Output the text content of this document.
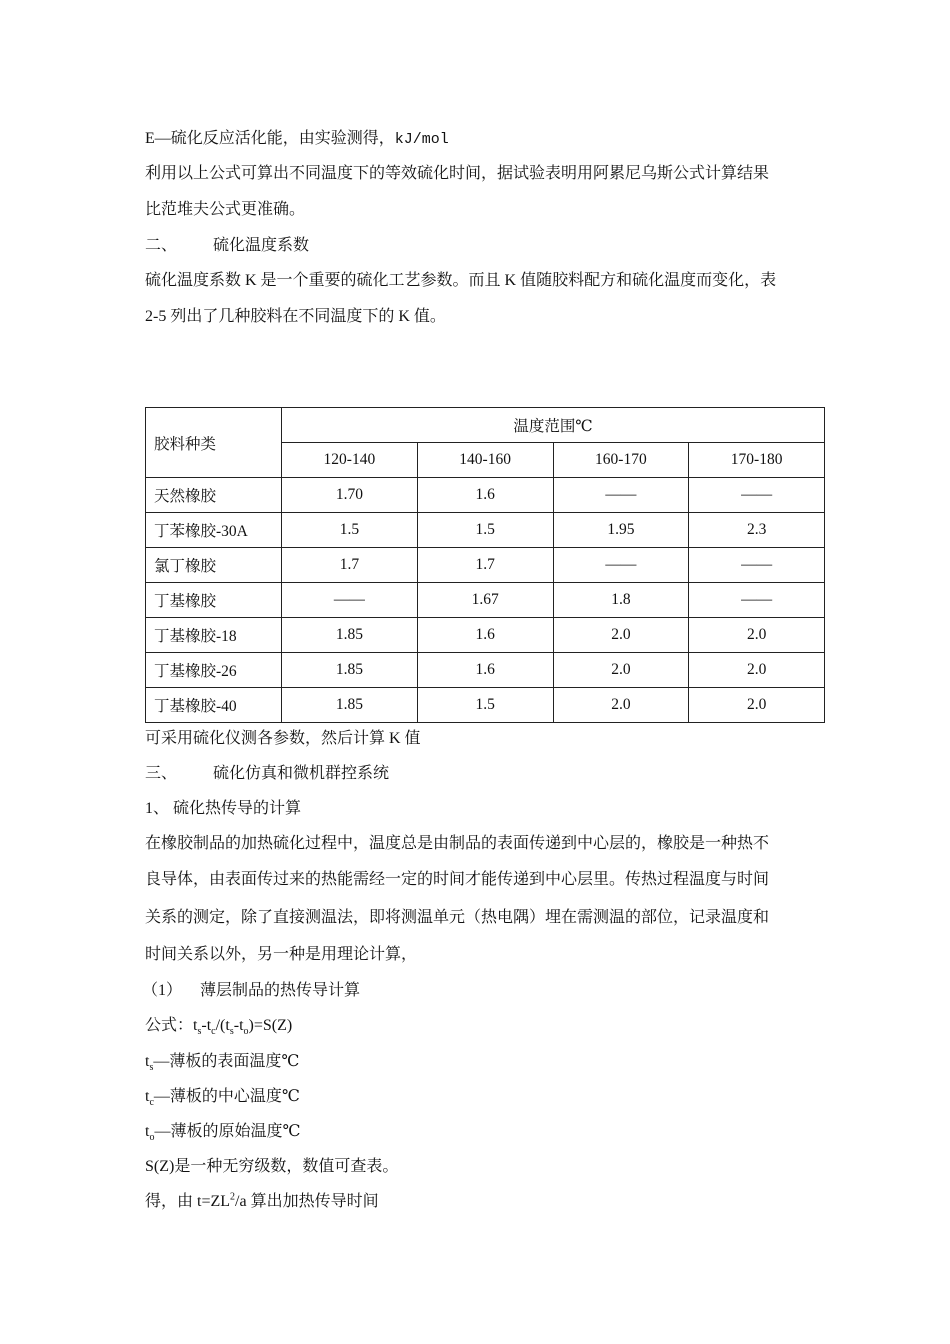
E—硫化反应活化能，由实验测得，kJ/mol
利用以上公式可算出不同温度下的等效硫化时间，据试验表明用阿累尼乌斯公式计算结果
比范堆夫公式更准确。
二、 硫化温度系数
硫化温度系数 K 是一个重要的硫化工艺参数。而且 K 值随胶料配方和硫化温度而变化，表
2-5 列出了几种胶料在不同温度下的 K 值。
胶料种类	温度范围℃			
	120-140	140-160	160-170	170-180
天然橡胶	1.70	1.6	——	——
丁苯橡胶-30A	1.5	1.5	1.95	2.3
氯丁橡胶	1.7	1.7	——	——
丁基橡胶	——	1.67	1.8	——
丁基橡胶-18	1.85	1.6	2.0	2.0
丁基橡胶-26	1.85	1.6	2.0	2.0
丁基橡胶-40	1.85	1.5	2.0	2.0
可采用硫化仪测各参数，然后计算 K 值
三、 硫化仿真和微机群控系统
1、 硫化热传导的计算
在橡胶制品的加热硫化过程中，温度总是由制品的表面传递到中心层的，橡胶是一种热不
良导体，由表面传过来的热能需经一定的时间才能传递到中心层里。传热过程温度与时间
关系的测定，除了直接测温法，即将测温单元（热电隅）埋在需测温的部位，记录温度和
时间关系以外，另一种是用理论计算，
（1） 薄层制品的热传导计算
公式：$t_s-t_c/(t_s-t_o)=S(Z)$
$t_s—$薄板的表面温度℃
$t_c—$薄板的中心温度℃
$t_o—$薄板的原始温度℃
S(Z)是一种无穷级数，数值可查表。
得，由 $t=ZL^2/a$ 算出加热传导时间
